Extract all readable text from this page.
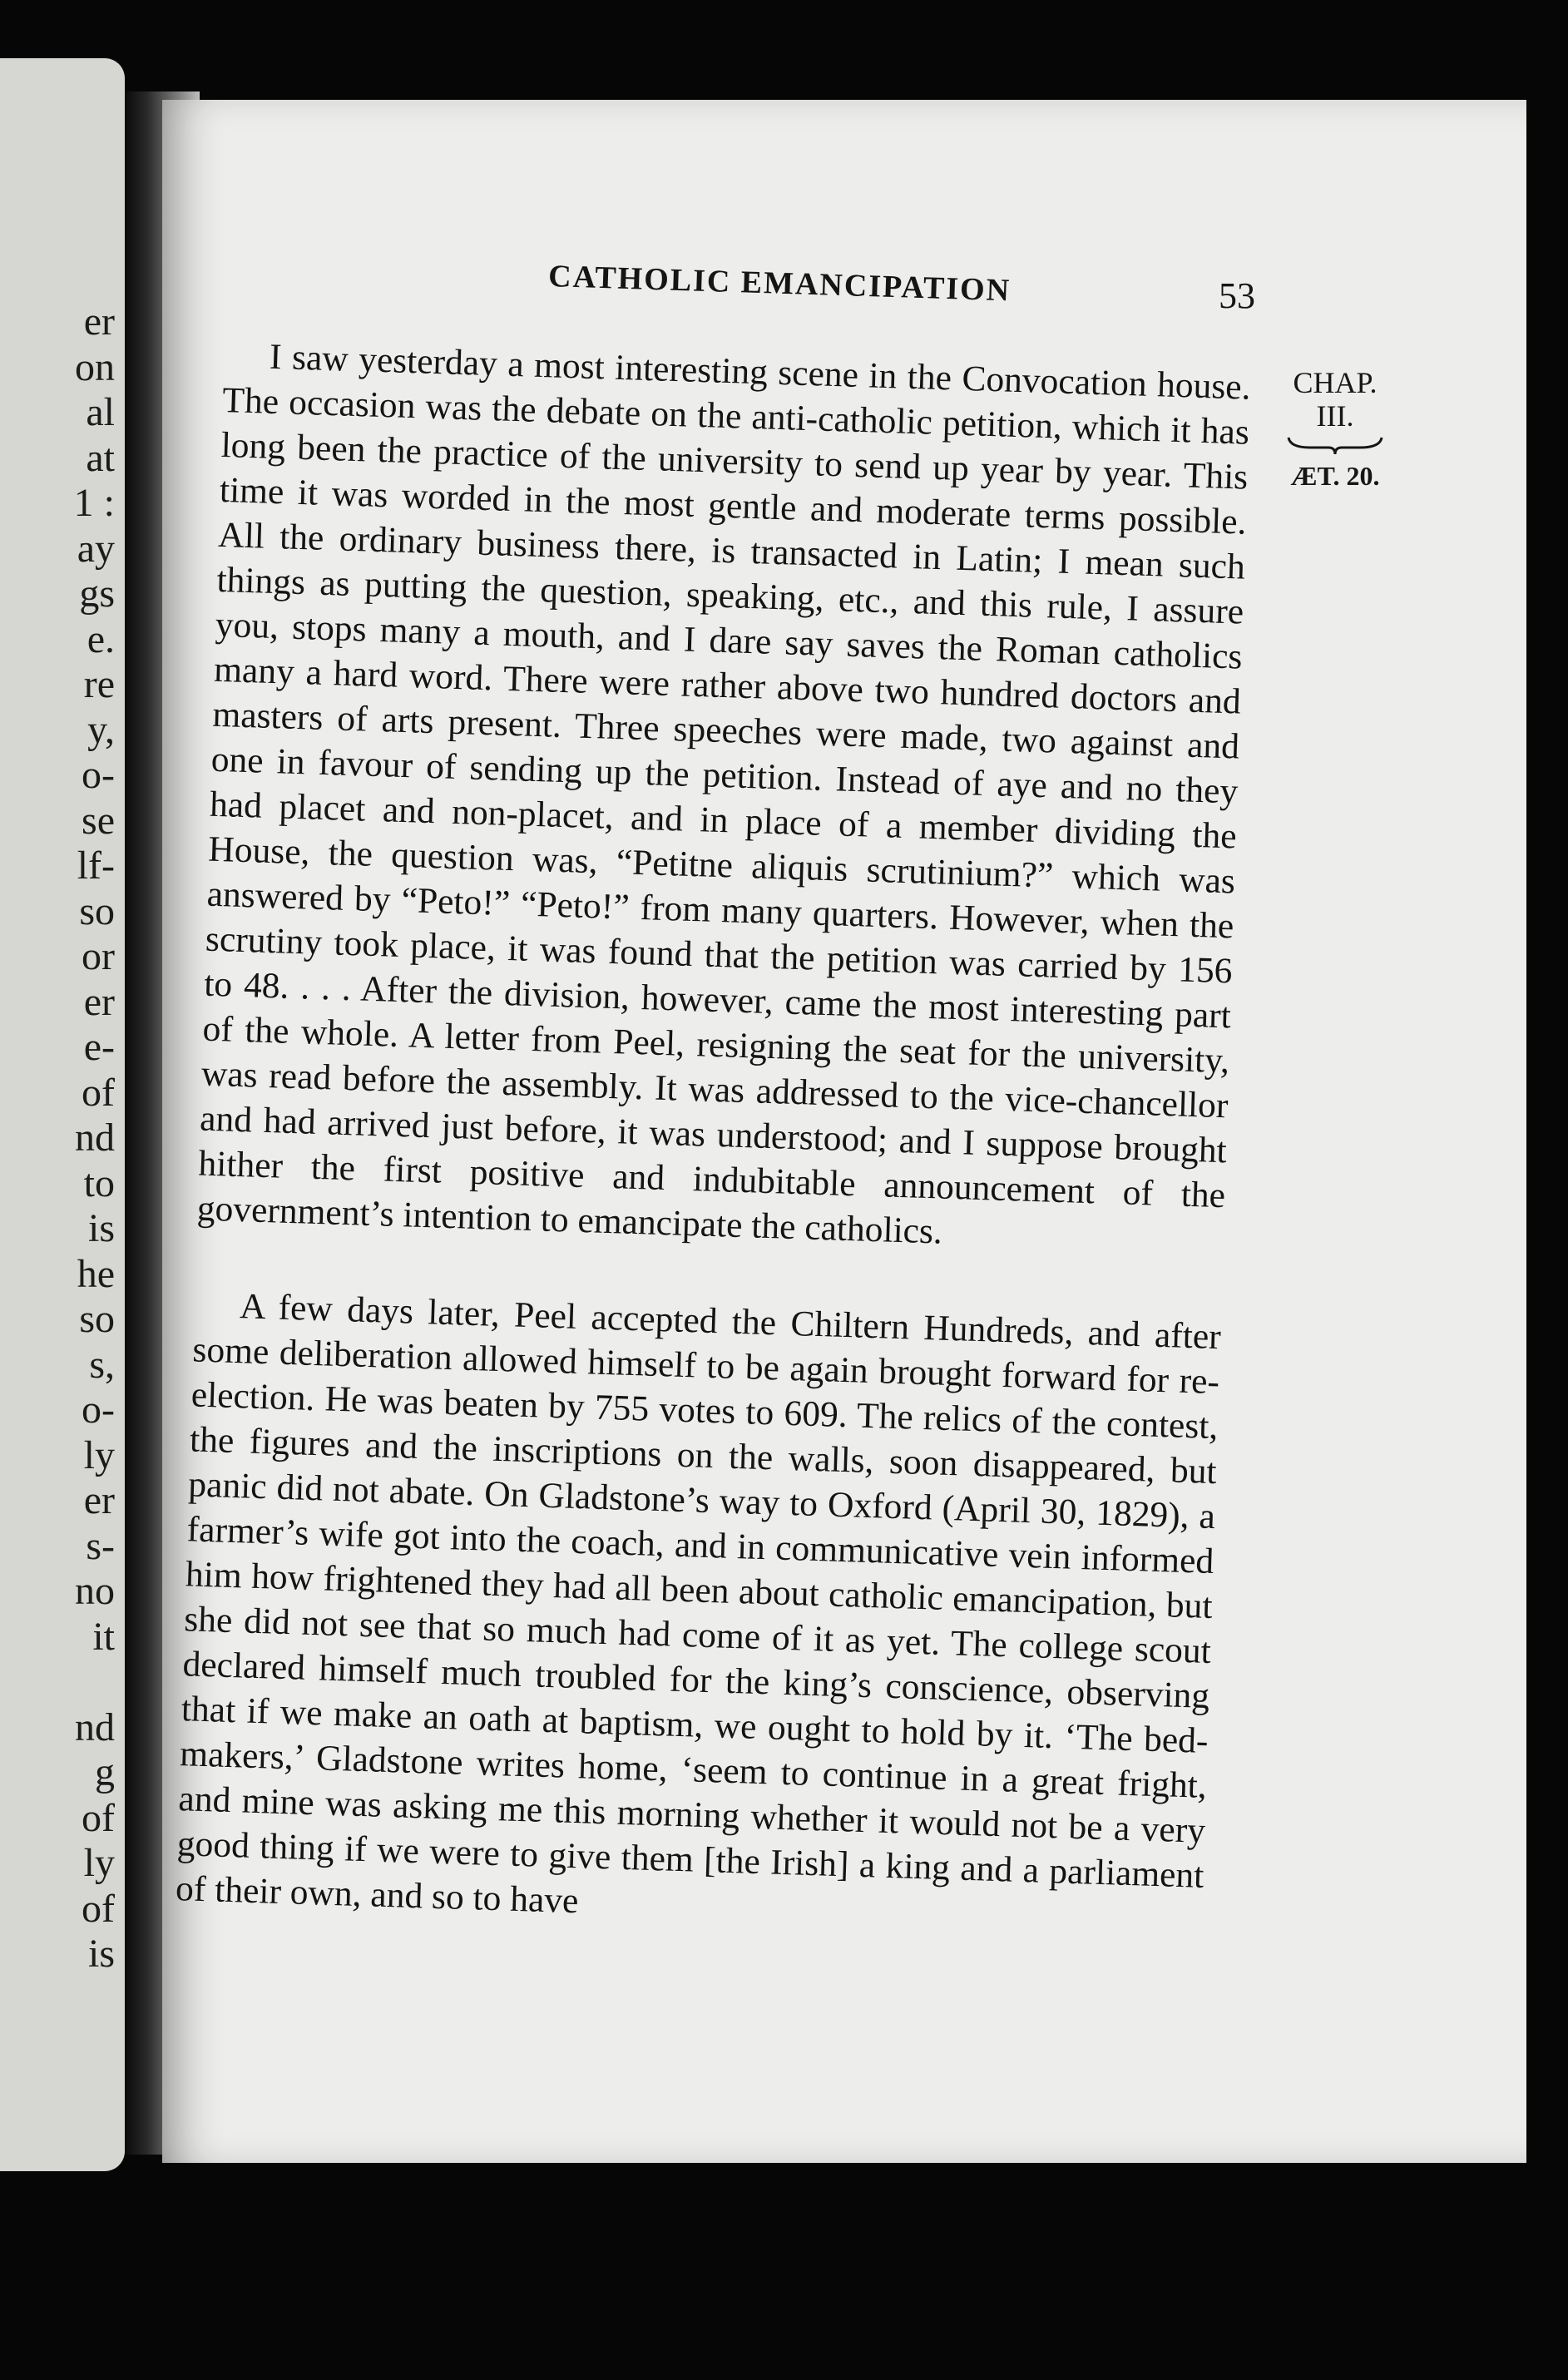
er
on
al
at
1 :
ay
gs
e.
re
y,
o-
se
lf-
so
or
er
e-
of
nd
to
is
he
so
s,
o-
ly
er
s-
no
it

nd
g
of
ly
of
is
CATHOLIC EMANCIPATION	53
CHAP.
III.
ÆT. 20.

I saw yesterday a most interesting scene in the Convocation house. The occasion was the debate on the anti-catholic petition, which it has long been the practice of the university to send up year by year. This time it was worded in the most gentle and moderate terms possible. All the ordinary business there, is transacted in Latin; I mean such things as putting the question, speaking, etc., and this rule, I assure you, stops many a mouth, and I dare say saves the Roman catholics many a hard word. There were rather above two hundred doctors and masters of arts present. Three speeches were made, two against and one in favour of sending up the petition. Instead of aye and no they had placet and non-placet, and in place of a member dividing the House, the question was, “Petitne aliquis scrutinium?” which was answered by “Peto!” “Peto!” from many quarters. However, when the scrutiny took place, it was found that the petition was carried by 156 to 48. . . . After the division, however, came the most interesting part of the whole. A letter from Peel, resigning the seat for the university, was read before the assembly. It was addressed to the vice-chancellor and had arrived just before, it was understood; and I suppose brought hither the first positive and indubitable announcement of the government’s intention to emancipate the catholics.

A few days later, Peel accepted the Chiltern Hundreds, and after some deliberation allowed himself to be again brought forward for re-election. He was beaten by 755 votes to 609. The relics of the contest, the figures and the inscriptions on the walls, soon disappeared, but panic did not abate. On Gladstone’s way to Oxford (April 30, 1829), a farmer’s wife got into the coach, and in communicative vein informed him how frightened they had all been about catholic emancipation, but she did not see that so much had come of it as yet. The college scout declared himself much troubled for the king’s conscience, observing that if we make an oath at baptism, we ought to hold by it. ‘The bed-makers,’ Gladstone writes home, ‘seem to continue in a great fright, and mine was asking me this morning whether it would not be a very good thing if we were to give them [the Irish] a king and a parliament of their own, and so to have
